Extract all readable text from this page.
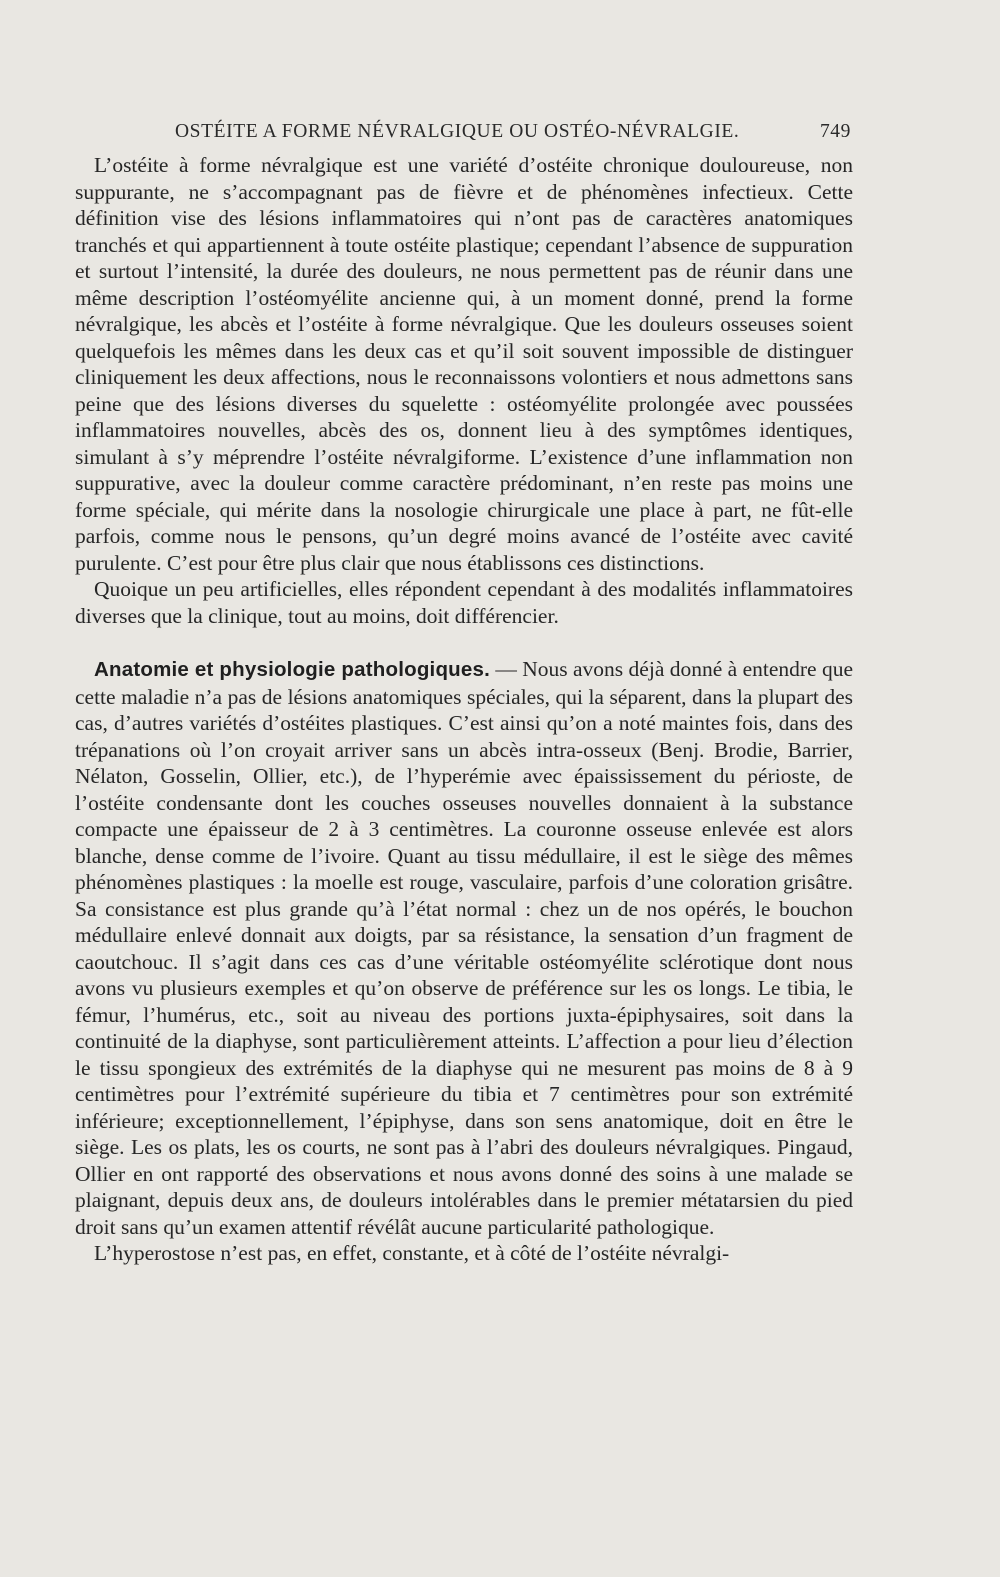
OSTÉITE A FORME NÉVRALGIQUE OU OSTÉO-NÉVRALGIE.	749

L’ostéite à forme névralgique est une variété d’ostéite chronique douloureuse, non suppurante, ne s’accompagnant pas de fièvre et de phénomènes infectieux. Cette définition vise des lésions inflammatoires qui n’ont pas de caractères anatomiques tranchés et qui appartiennent à toute ostéite plastique; cependant l’absence de suppuration et surtout l’intensité, la durée des douleurs, ne nous permettent pas de réunir dans une même description l’ostéomyélite ancienne qui, à un moment donné, prend la forme névralgique, les abcès et l’ostéite à forme névralgique. Que les douleurs osseuses soient quelquefois les mêmes dans les deux cas et qu’il soit souvent impossible de distinguer cliniquement les deux affections, nous le reconnaissons volontiers et nous admettons sans peine que des lésions diverses du squelette : ostéomyélite prolongée avec poussées inflammatoires nouvelles, abcès des os, donnent lieu à des symptômes identiques, simulant à s’y méprendre l’ostéite névralgiforme. L’existence d’une inflammation non suppurative, avec la douleur comme caractère prédominant, n’en reste pas moins une forme spéciale, qui mérite dans la nosologie chirurgicale une place à part, ne fût-elle parfois, comme nous le pensons, qu’un degré moins avancé de l’ostéite avec cavité purulente. C’est pour être plus clair que nous établissons ces distinctions.

Quoique un peu artificielles, elles répondent cependant à des modalités inflammatoires diverses que la clinique, tout au moins, doit différencier.

Anatomie et physiologie pathologiques. — Nous avons déjà donné à entendre que cette maladie n’a pas de lésions anatomiques spéciales, qui la séparent, dans la plupart des cas, d’autres variétés d’ostéites plastiques. C’est ainsi qu’on a noté maintes fois, dans des trépanations où l’on croyait arriver sans un abcès intra-osseux (Benj. Brodie, Barrier, Nélaton, Gosselin, Ollier, etc.), de l’hyperémie avec épaississement du périoste, de l’ostéite condensante dont les couches osseuses nouvelles donnaient à la substance compacte une épaisseur de 2 à 3 centimètres. La couronne osseuse enlevée est alors blanche, dense comme de l’ivoire. Quant au tissu médullaire, il est le siège des mêmes phénomènes plastiques : la moelle est rouge, vasculaire, parfois d’une coloration grisâtre. Sa consistance est plus grande qu’à l’état normal : chez un de nos opérés, le bouchon médullaire enlevé donnait aux doigts, par sa résistance, la sensation d’un fragment de caoutchouc. Il s’agit dans ces cas d’une véritable ostéomyélite sclérotique dont nous avons vu plusieurs exemples et qu’on observe de préférence sur les os longs. Le tibia, le fémur, l’humérus, etc., soit au niveau des portions juxta-épiphysaires, soit dans la continuité de la diaphyse, sont particulièrement atteints. L’affection a pour lieu d’élection le tissu spongieux des extrémités de la diaphyse qui ne mesurent pas moins de 8 à 9 centimètres pour l’extrémité supérieure du tibia et 7 centimètres pour son extrémité inférieure; exceptionnellement, l’épiphyse, dans son sens anatomique, doit en être le siège. Les os plats, les os courts, ne sont pas à l’abri des douleurs névralgiques. Pingaud, Ollier en ont rapporté des observations et nous avons donné des soins à une malade se plaignant, depuis deux ans, de douleurs intolérables dans le premier métatarsien du pied droit sans qu’un examen attentif révélât aucune particularité pathologique.

L’hyperostose n’est pas, en effet, constante, et à côté de l’ostéite névralgi-
